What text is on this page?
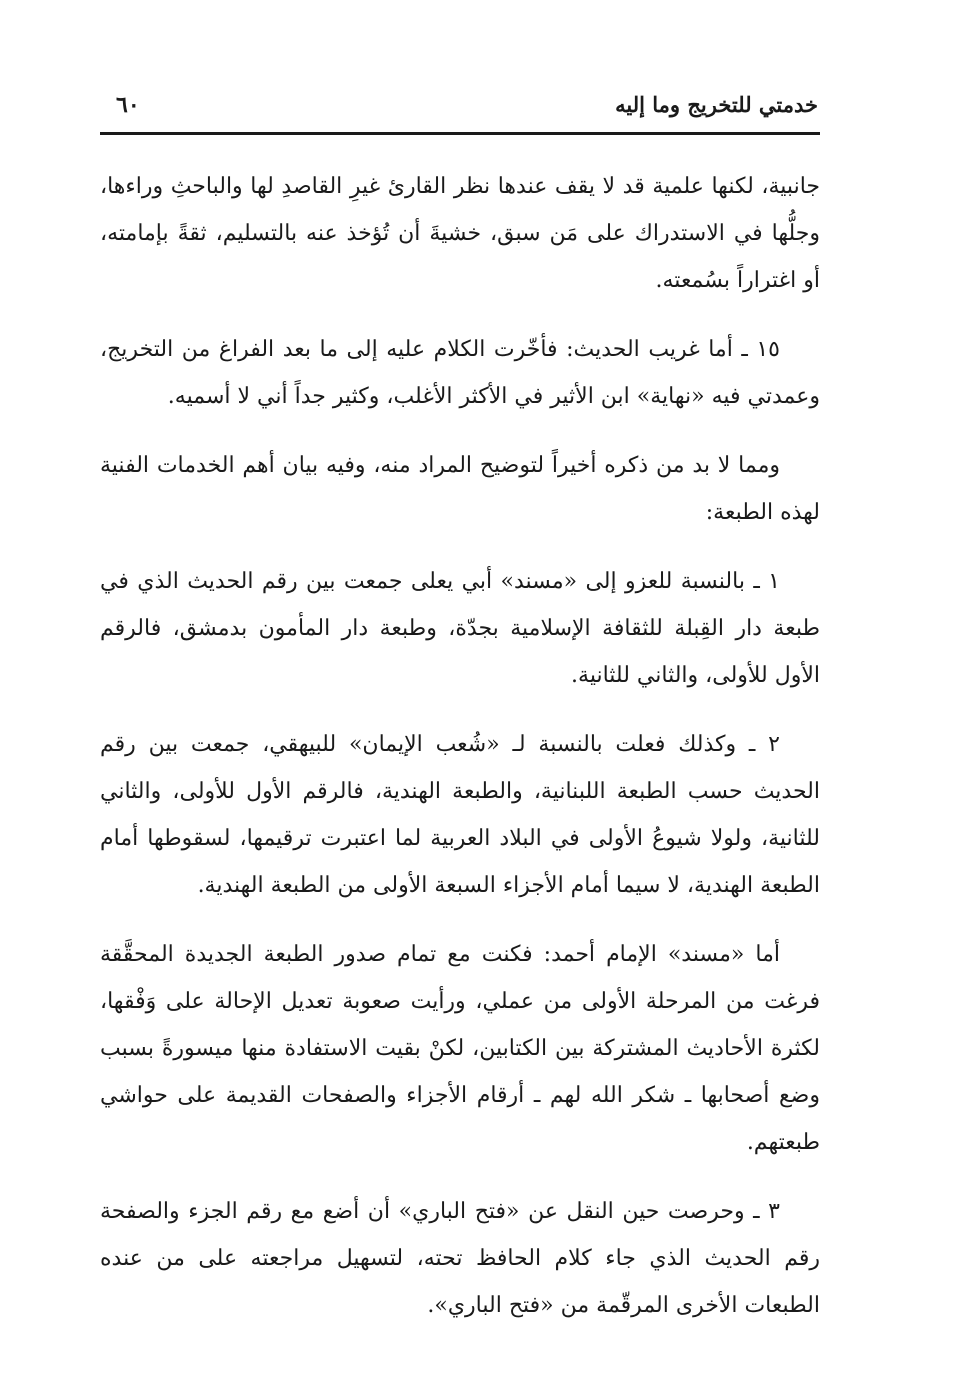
خدمتي للتخريج وما إليه
٦٠

جانبية، لكنها علمية قد لا يقف عندها نظر القارئ غيرِ القاصدِ لها والباحثِ وراءها، وجلُّها في الاستدراك على مَن سبق، خشيةَ أن تُؤخذ عنه بالتسليم، ثقةً بإمامته، أو اغتراراً بسُمعته.

١٥ ـ أما غريب الحديث: فأخّرت الكلام عليه إلى ما بعد الفراغ من التخريج، وعمدتي فيه «نهاية» ابن الأثير في الأكثر الأغلب، وكثير جداً أني لا أسميه.

ومما لا بد من ذكره أخيراً لتوضيح المراد منه، وفيه بيان أهم الخدمات الفنية لهذه الطبعة:

١ ـ بالنسبة للعزو إلى «مسند» أبي يعلى جمعت بين رقم الحديث الذي في طبعة دار القِبلة للثقافة الإسلامية بجدّة، وطبعة دار المأمون بدمشق، فالرقم الأول للأولى، والثاني للثانية.

٢ ـ وكذلك فعلت بالنسبة لـ «شُعب الإيمان» للبيهقي، جمعت بين رقم الحديث حسب الطبعة اللبنانية، والطبعة الهندية، فالرقم الأول للأولى، والثاني للثانية، ولولا شيوعُ الأولى في البلاد العربية لما اعتبرت ترقيمها، لسقوطها أمام الطبعة الهندية، لا سيما أمام الأجزاء السبعة الأولى من الطبعة الهندية.

أما «مسند» الإمام أحمد: فكنت مع تمام صدور الطبعة الجديدة المحقَّقة فرغت من المرحلة الأولى من عملي، ورأيت صعوبة تعديل الإحالة على وَفْقها، لكثرة الأحاديث المشتركة بين الكتابين، لكنْ بقيت الاستفادة منها ميسورةً بسبب وضع أصحابها ـ شكر الله لهم ـ أرقام الأجزاء والصفحات القديمة على حواشي طبعتهم.

٣ ـ وحرصت حين النقل عن «فتح الباري» أن أضع مع رقم الجزء والصفحة رقم الحديث الذي جاء كلام الحافظ تحته، لتسهيل مراجعته على من عنده الطبعات الأخرى المرقّمة من «فتح الباري».
